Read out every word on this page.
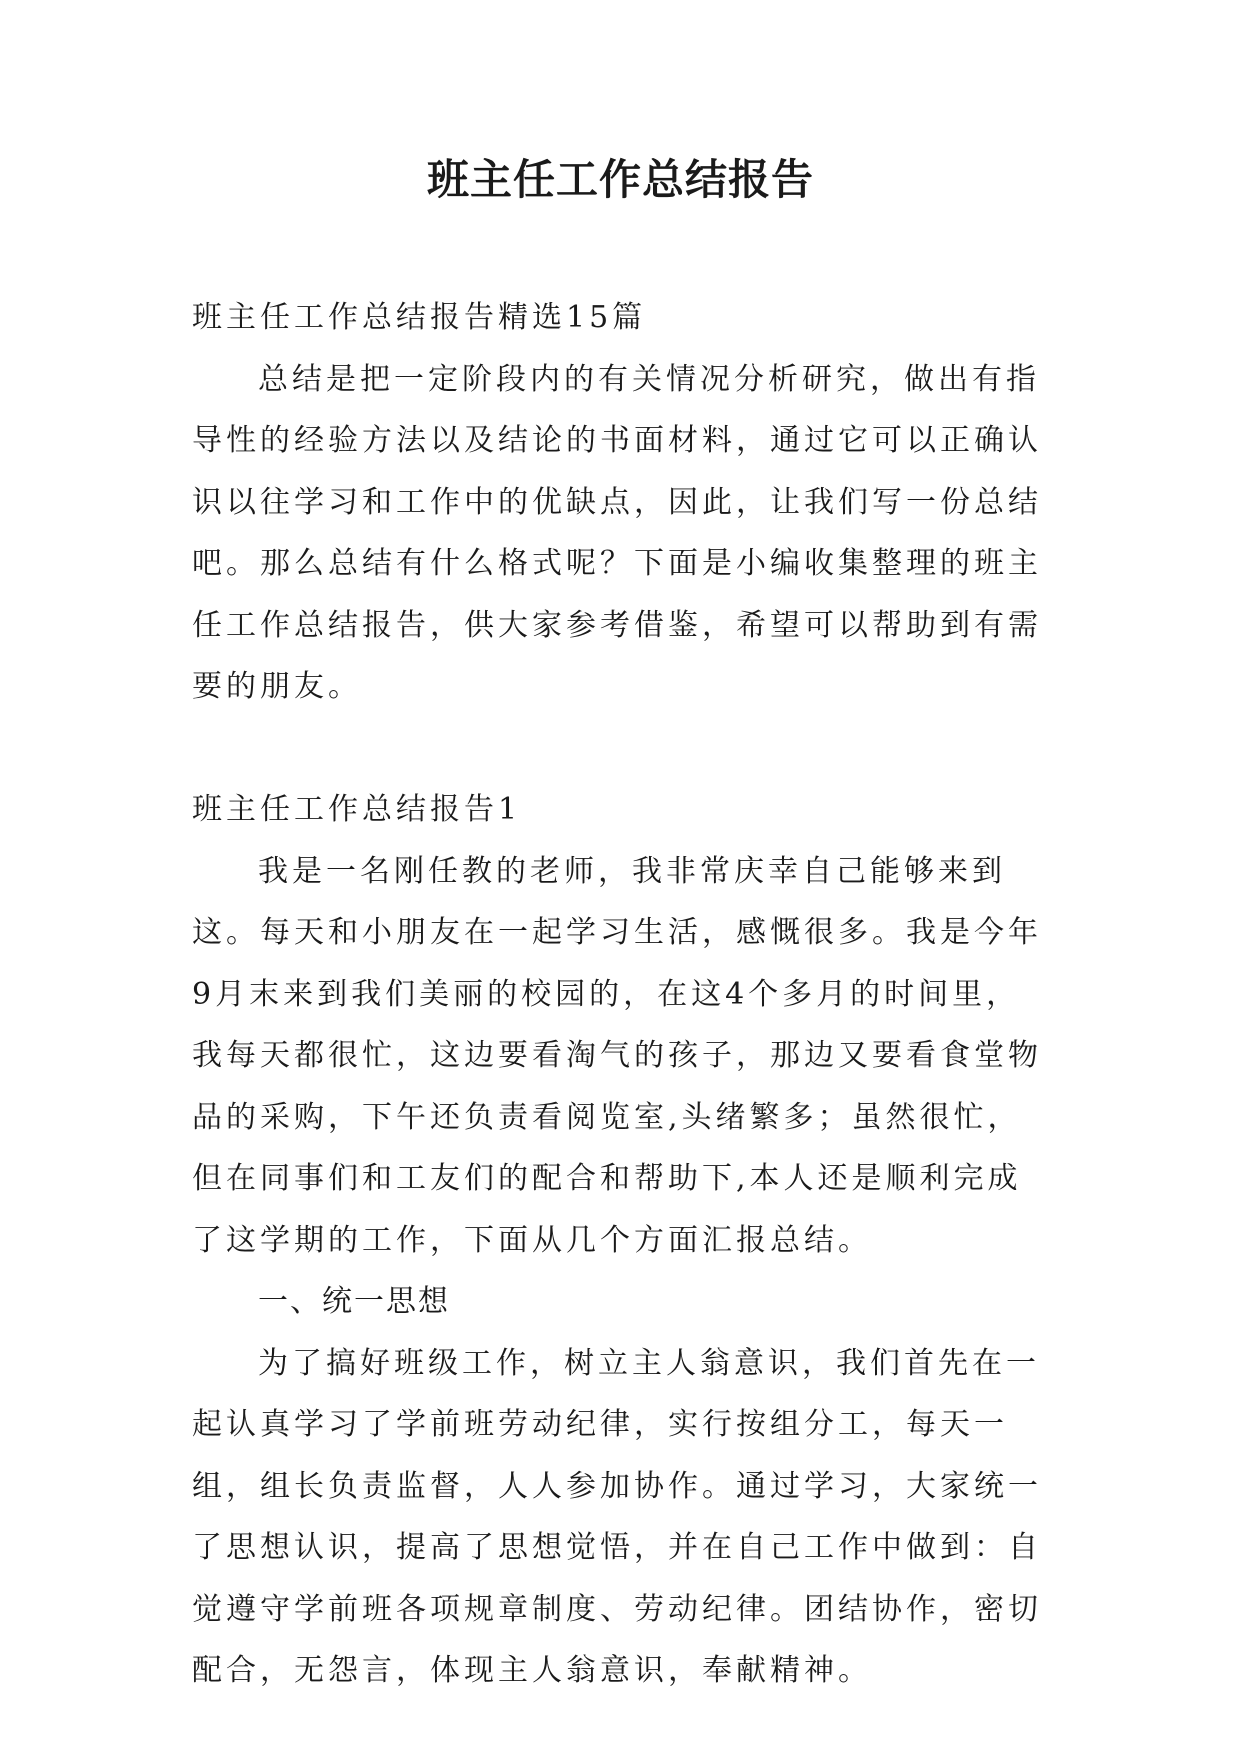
班主任工作总结报告

班主任工作总结报告精选15篇

总结是把一定阶段内的有关情况分析研究，做出有指导性的经验方法以及结论的书面材料，通过它可以正确认识以往学习和工作中的优缺点，因此，让我们写一份总结吧。那么总结有什么格式呢？下面是小编收集整理的班主任工作总结报告，供大家参考借鉴，希望可以帮助到有需要的朋友。

班主任工作总结报告1

我是一名刚任教的老师，我非常庆幸自己能够来到这。每天和小朋友在一起学习生活，感慨很多。我是今年9月末来到我们美丽的校园的，在这4个多月的时间里，我每天都很忙，这边要看淘气的孩子，那边又要看食堂物品的采购，下午还负责看阅览室,头绪繁多；虽然很忙，但在同事们和工友们的配合和帮助下,本人还是顺利完成了这学期的工作，下面从几个方面汇报总结。

一、统一思想

为了搞好班级工作，树立主人翁意识，我们首先在一起认真学习了学前班劳动纪律，实行按组分工，每天一组，组长负责监督，人人参加协作。通过学习，大家统一了思想认识，提高了思想觉悟，并在自己工作中做到：自觉遵守学前班各项规章制度、劳动纪律。团结协作，密切配合，无怨言，体现主人翁意识，奉献精神。
